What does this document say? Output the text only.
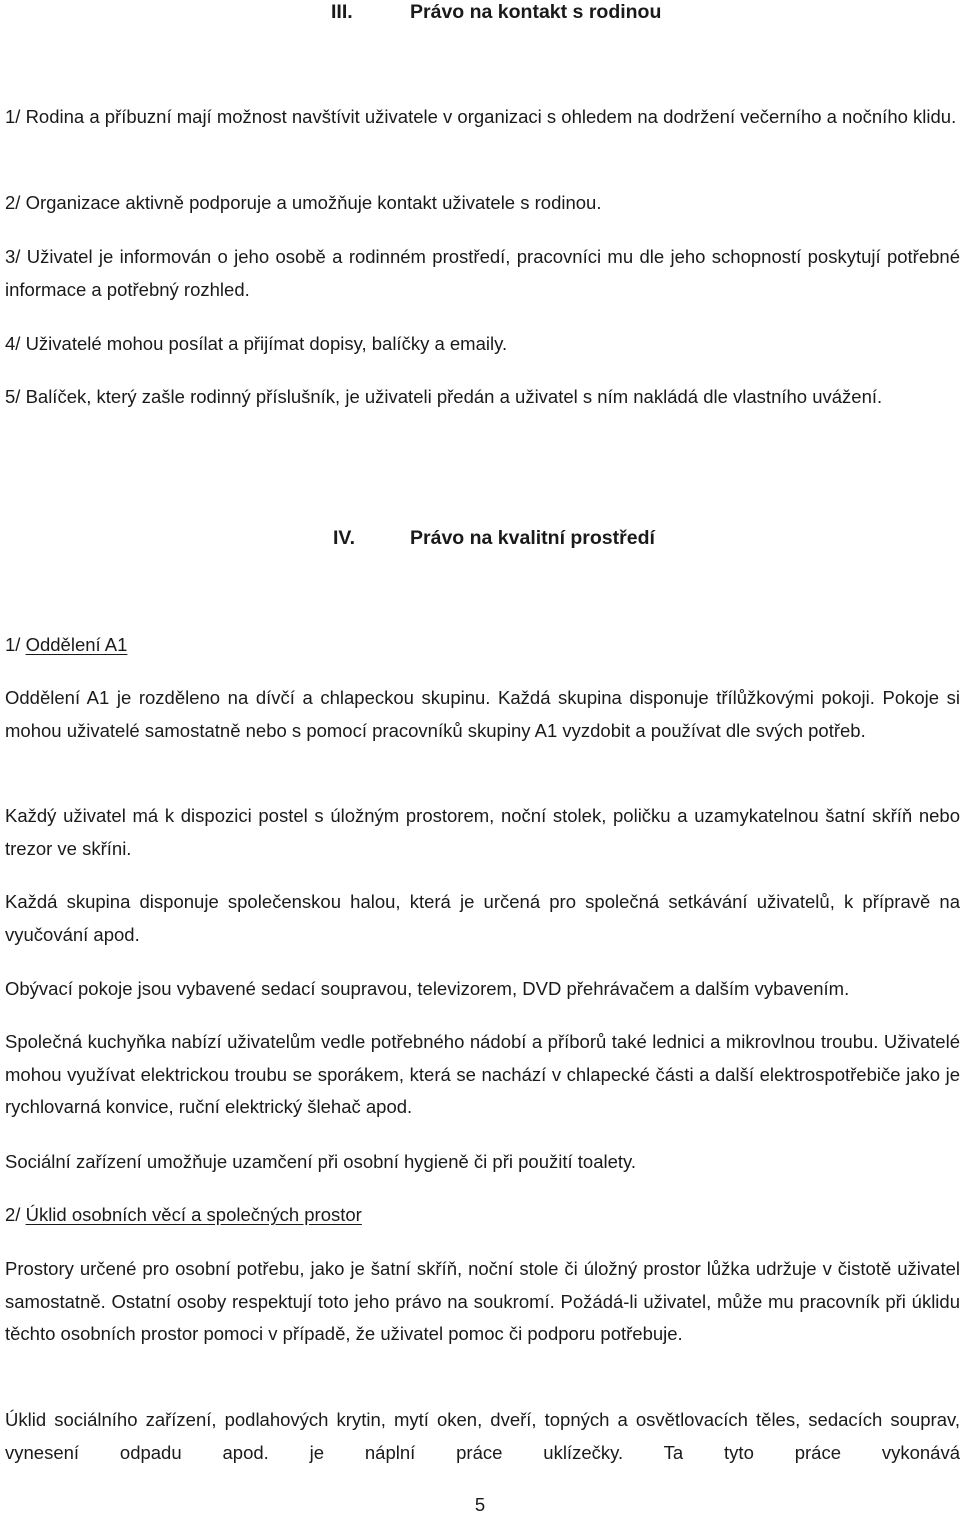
III.	Právo na kontakt s rodinou

1/ Rodina a příbuzní mají možnost navštívit uživatele v organizaci s ohledem na dodržení večerního a nočního klidu.

2/ Organizace aktivně podporuje a umožňuje kontakt uživatele s rodinou.

3/ Uživatel je informován o jeho osobě a rodinném prostředí, pracovníci mu dle jeho schopností poskytují potřebné informace a potřebný rozhled.

4/ Uživatelé mohou posílat a přijímat dopisy, balíčky a emaily.

5/ Balíček, který zašle rodinný příslušník, je uživateli předán a uživatel s ním nakládá dle vlastního uvážení.

IV.	Právo na kvalitní prostředí

1/ Oddělení A1

Oddělení A1 je rozděleno na dívčí a chlapeckou skupinu. Každá skupina disponuje třílůžkovými pokoji. Pokoje si mohou uživatelé samostatně nebo s pomocí pracovníků skupiny A1 vyzdobit a používat dle svých potřeb.

Každý uživatel má k dispozici postel s úložným prostorem, noční stolek, poličku a uzamykatelnou šatní skříň nebo trezor ve skříni.

Každá skupina disponuje společenskou halou, která je určená pro společná setkávání uživatelů, k přípravě na vyučování apod.

Obývací pokoje jsou vybavené sedací soupravou, televizorem, DVD přehrávačem a dalším vybavením.

Společná kuchyňka nabízí uživatelům vedle potřebného nádobí a příborů také lednici a mikrovlnou troubu. Uživatelé mohou využívat elektrickou troubu se sporákem, která se nachází v chlapecké části a další elektrospotřebiče jako je rychlovarná konvice, ruční elektrický šlehač apod.

Sociální zařízení umožňuje uzamčení při osobní hygieně či při použití toalety.

2/ Úklid osobních věcí a společných prostor

Prostory určené pro osobní potřebu, jako je šatní skříň, noční stole či úložný prostor lůžka udržuje v čistotě uživatel samostatně. Ostatní osoby respektují toto jeho právo na soukromí. Požádá-li uživatel, může mu pracovník při úklidu těchto osobních prostor pomoci v případě, že uživatel pomoc či podporu potřebuje.

Úklid sociálního zařízení, podlahových krytin, mytí oken, dveří, topných a osvětlovacích těles, sedacích souprav, vynesení odpadu apod. je náplní práce uklízečky. Ta tyto práce vykonává

5
